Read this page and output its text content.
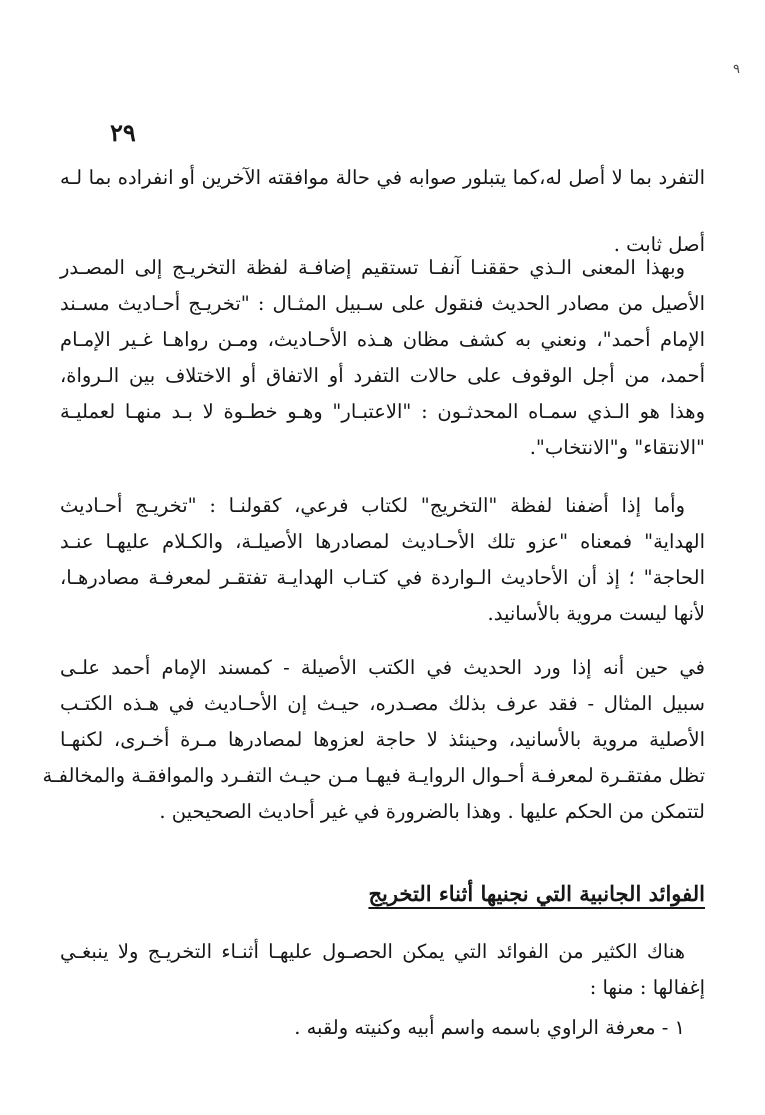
٩
٢٩
التفرد بما لا أصل له،كما يتبلور صوابه في حالة موافقته الآخرين أو انفراده بما لـه
أصل ثابت .
وبهذا المعنى الـذي حققنـا آنفـا تستقيم إضافـة لفظة التخريـج إلى المصـدر
الأصيل من مصادر الحديث فنقول على سـبيل المثـال : "تخريـج أحـاديث مسـند
الإمام أحمد"، ونعني به كشف مظان هـذه الأحـاديث، ومـن رواهـا غـير الإمـام
أحمد، من أجل الوقوف على حالات التفرد أو الاتفاق أو الاختلاف بين الـرواة،
وهذا هو الـذي سمـاه المحدثـون : "الاعتبـار" وهـو خطـوة لا بـد منهـا لعمليـة
"الانتقاء" و"الانتخاب".
وأما إذا أضفنا لفظة "التخريج" لكتاب فرعي، كقولنـا : "تخريـج أحـاديث
الهداية" فمعناه "عزو تلك الأحـاديث لمصادرها الأصيلـة، والكـلام عليهـا عنـد
الحاجة" ؛ إذ أن الأحاديث الـواردة في كتـاب الهدايـة تفتقـر لمعرفـة مصادرهـا،
لأنها ليست مروية بالأسانيد.
في حين أنه إذا ورد الحديث في الكتب الأصيلة - كمسند الإمام أحمد علـى
سبيل المثال - فقد عرف بذلك مصـدره، حيـث إن الأحـاديث في هـذه الكتـب
الأصلية مروية بالأسانيد، وحينئذ لا حاجة لعزوها لمصادرها مـرة أخـرى، لكنهـا
تظل مفتقـرة لمعرفـة أحـوال الروايـة فيهـا مـن حيـث التفـرد والموافقـة والمخالفـة
لتتمكن من الحكم عليها . وهذا بالضرورة في غير أحاديث الصحيحين .
الفوائد الجانبية التي نجنيها أثناء التخريج
هناك الكثير من الفوائد التي يمكن الحصـول عليهـا أثنـاء التخريـج ولا ينبغـي
إغفالها : منها :
١ - معرفة الراوي باسمه واسم أبيه وكنيته ولقبه .
